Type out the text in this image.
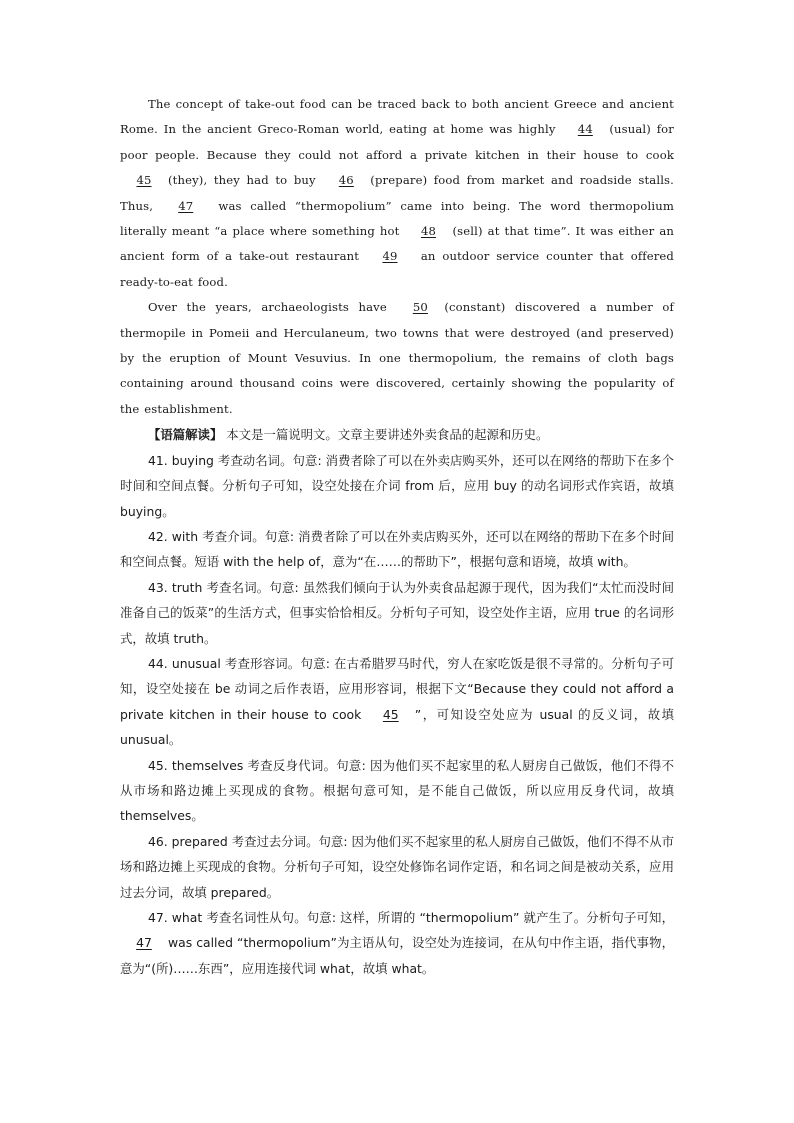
The concept of take-out food can be traced back to both ancient Greece and ancient Rome. In the ancient Greco-Roman world, eating at home was highly 44 (usual) for poor people. Because they could not afford a private kitchen in their house to cook 45 (they), they had to buy 46 (prepare) food from market and roadside stalls. Thus, 47 was called “thermopolium” came into being. The word thermopolium literally meant “a place where something hot 48 (sell) at that time”. It was either an ancient form of a take-out restaurant 49 an outdoor service counter that offered ready-to-eat food.

Over the years, archaeologists have 50 (constant) discovered a number of thermopile in Pomeii and Herculaneum, two towns that were destroyed (and preserved) by the eruption of Mount Vesuvius. In one thermopolium, the remains of cloth bags containing around thousand coins were discovered, certainly showing the popularity of the establishment.

【语篇解读】 本文是一篇说明文。文章主要讲述外卖食品的起源和历史。

41. buying 考查动名词。句意: 消费者除了可以在外卖店购买外，还可以在网络的帮助下在多个时间和空间点餐。分析句子可知，设空处接在介词 from 后，应用 buy 的动名词形式作宾语，故填 buying。

42. with 考查介词。句意: 消费者除了可以在外卖店购买外，还可以在网络的帮助下在多个时间和空间点餐。短语 with the help of，意为“在……的帮助下”，根据句意和语境，故填 with。

43. truth 考查名词。句意: 虽然我们倾向于认为外卖食品起源于现代，因为我们“太忙而没时间准备自己的饭菜”的生活方式，但事实恰恰相反。分析句子可知，设空处作主语，应用 true 的名词形式，故填 truth。

44. unusual 考查形容词。句意: 在古希腊罗马时代，穷人在家吃饭是很不寻常的。分析句子可知，设空处接在 be 动词之后作表语，应用形容词，根据下文“Because they could not afford a private kitchen in their house to cook 45 ”，可知设空处应为 usual 的反义词，故填 unusual。

45. themselves 考查反身代词。句意: 因为他们买不起家里的私人厨房自己做饭，他们不得不从市场和路边摊上买现成的食物。根据句意可知，是不能自己做饭，所以应用反身代词，故填 themselves。

46. prepared 考查过去分词。句意: 因为他们买不起家里的私人厨房自己做饭，他们不得不从市场和路边摊上买现成的食物。分析句子可知，设空处修饰名词作定语，和名词之间是被动关系，应用过去分词，故填 prepared。

47. what 考查名词性从句。句意: 这样，所谓的 “thermopolium” 就产生了。分析句子可知，47 was called “thermopolium”为主语从句，设空处为连接词，在从句中作主语，指代事物，意为“(所)……东西”，应用连接代词 what，故填 what。
